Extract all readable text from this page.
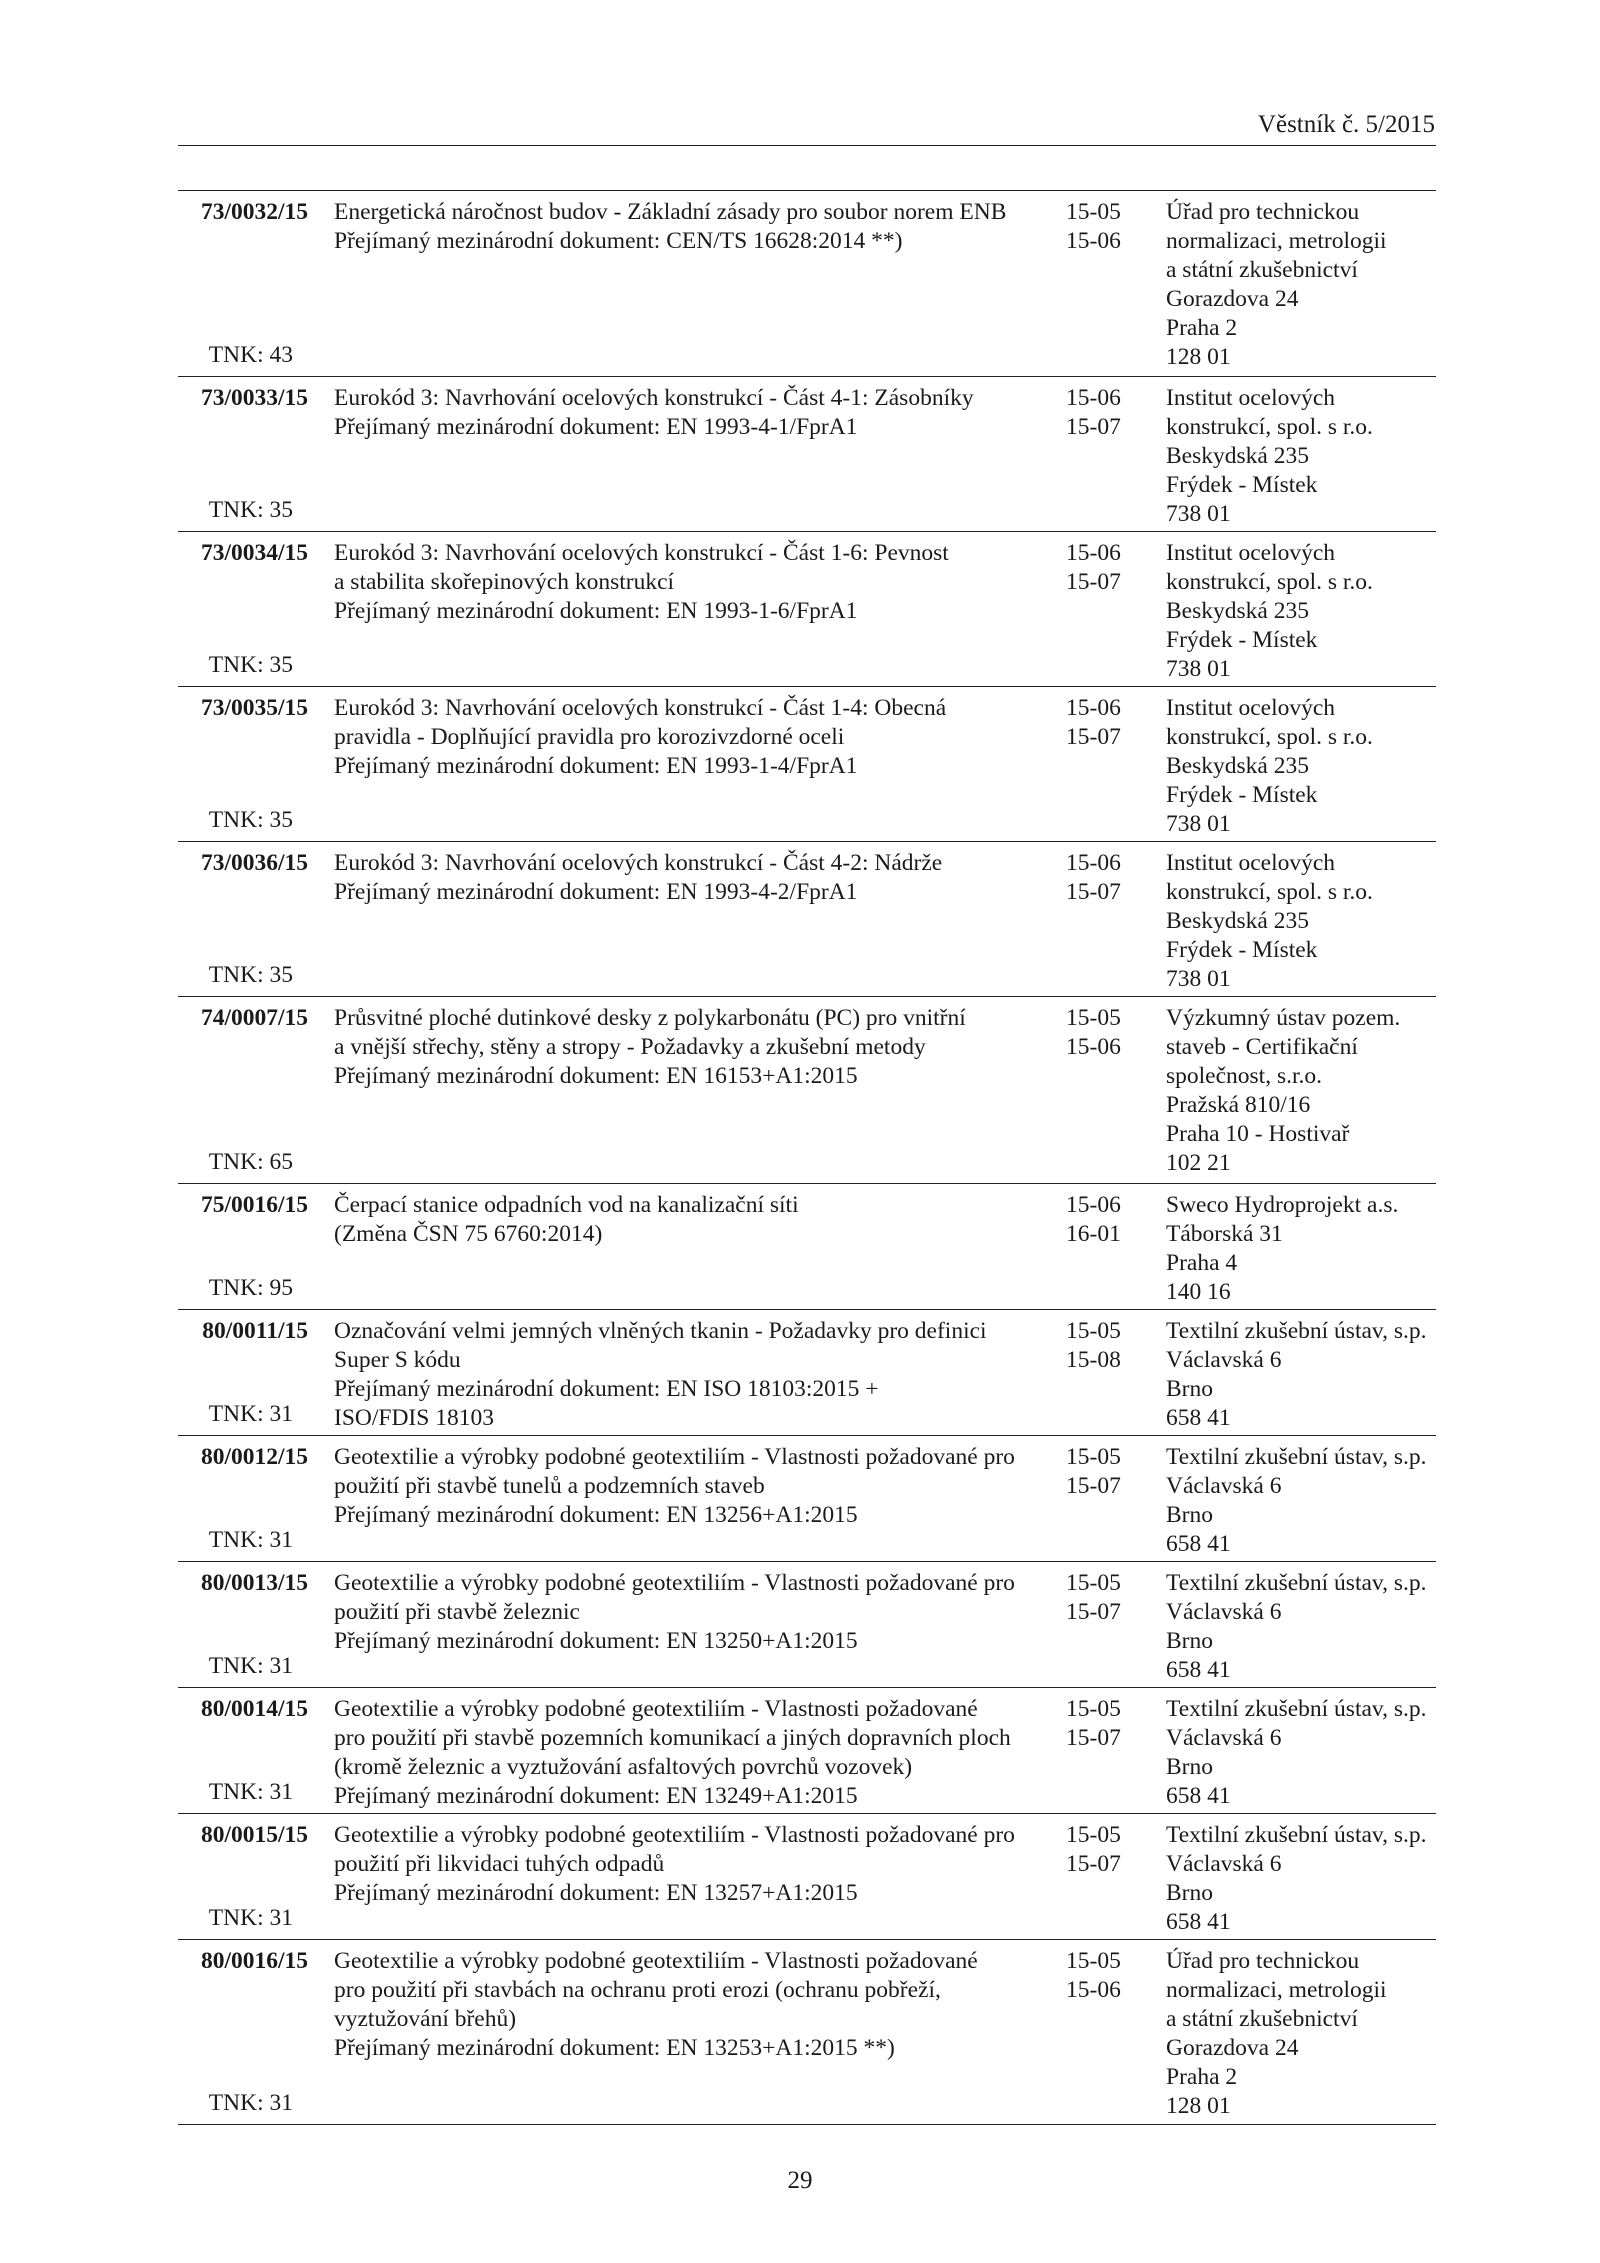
Věstník č. 5/2015
73/0032/15
TNK: 43
Energetická náročnost budov - Základní zásady pro soubor norem ENB
Přejímaný mezinárodní dokument: CEN/TS 16628:2014 **)
15-05
15-06
Úřad pro technickou
normalizaci, metrologii
a státní zkušebnictví
Gorazdova 24
Praha 2
128 01
73/0033/15
TNK: 35
Eurokód 3: Navrhování ocelových konstrukcí - Část 4-1: Zásobníky
Přejímaný mezinárodní dokument: EN 1993-4-1/FprA1
15-06
15-07
Institut ocelových
konstrukcí, spol. s r.o.
Beskydská 235
Frýdek - Místek
738 01
73/0034/15
TNK: 35
Eurokód 3: Navrhování ocelových konstrukcí - Část 1-6: Pevnost
a stabilita skořepinových konstrukcí
Přejímaný mezinárodní dokument: EN 1993-1-6/FprA1
15-06
15-07
Institut ocelových
konstrukcí, spol. s r.o.
Beskydská 235
Frýdek - Místek
738 01
73/0035/15
TNK: 35
Eurokód 3: Navrhování ocelových konstrukcí - Část 1-4: Obecná
pravidla - Doplňující pravidla pro korozivzdorné oceli
Přejímaný mezinárodní dokument: EN 1993-1-4/FprA1
15-06
15-07
Institut ocelových
konstrukcí, spol. s r.o.
Beskydská 235
Frýdek - Místek
738 01
73/0036/15
TNK: 35
Eurokód 3: Navrhování ocelových konstrukcí - Část 4-2: Nádrže
Přejímaný mezinárodní dokument: EN 1993-4-2/FprA1
15-06
15-07
Institut ocelových
konstrukcí, spol. s r.o.
Beskydská 235
Frýdek - Místek
738 01
74/0007/15
TNK: 65
Průsvitné ploché dutinkové desky z polykarbonátu (PC) pro vnitřní
a vnější střechy, stěny a stropy - Požadavky a zkušební metody
Přejímaný mezinárodní dokument: EN 16153+A1:2015
15-05
15-06
Výzkumný ústav pozem.
staveb - Certifikační
společnost, s.r.o.
Pražská 810/16
Praha 10 - Hostivař
102 21
75/0016/15
TNK: 95
Čerpací stanice odpadních vod na kanalizační síti
(Změna ČSN 75 6760:2014)
15-06
16-01
Sweco Hydroprojekt a.s.
Táborská 31
Praha 4
140 16
80/0011/15
TNK: 31
Označování velmi jemných vlněných tkanin - Požadavky pro definici
Super S kódu
Přejímaný mezinárodní dokument: EN ISO 18103:2015 +
ISO/FDIS 18103
15-05
15-08
Textilní zkušební ústav, s.p.
Václavská 6
Brno
658 41
80/0012/15
TNK: 31
Geotextilie a výrobky podobné geotextiliím - Vlastnosti požadované pro
použití při stavbě tunelů a podzemních staveb
Přejímaný mezinárodní dokument: EN 13256+A1:2015
15-05
15-07
Textilní zkušební ústav, s.p.
Václavská 6
Brno
658 41
80/0013/15
TNK: 31
Geotextilie a výrobky podobné geotextiliím - Vlastnosti požadované pro
použití při stavbě železnic
Přejímaný mezinárodní dokument: EN 13250+A1:2015
15-05
15-07
Textilní zkušební ústav, s.p.
Václavská 6
Brno
658 41
80/0014/15
TNK: 31
Geotextilie a výrobky podobné geotextiliím - Vlastnosti požadované
pro použití při stavbě pozemních komunikací a jiných dopravních ploch
(kromě železnic a vyztužování asfaltových povrchů vozovek)
Přejímaný mezinárodní dokument: EN 13249+A1:2015
15-05
15-07
Textilní zkušební ústav, s.p.
Václavská 6
Brno
658 41
80/0015/15
TNK: 31
Geotextilie a výrobky podobné geotextiliím - Vlastnosti požadované pro
použití při likvidaci tuhých odpadů
Přejímaný mezinárodní dokument: EN 13257+A1:2015
15-05
15-07
Textilní zkušební ústav, s.p.
Václavská 6
Brno
658 41
80/0016/15
TNK: 31
Geotextilie a výrobky podobné geotextiliím - Vlastnosti požadované
pro použití při stavbách na ochranu proti erozi (ochranu pobřeží,
vyztužování břehů)
Přejímaný mezinárodní dokument: EN 13253+A1:2015 **)
15-05
15-06
Úřad pro technickou
normalizaci, metrologii
a státní zkušebnictví
Gorazdova 24
Praha 2
128 01
29
